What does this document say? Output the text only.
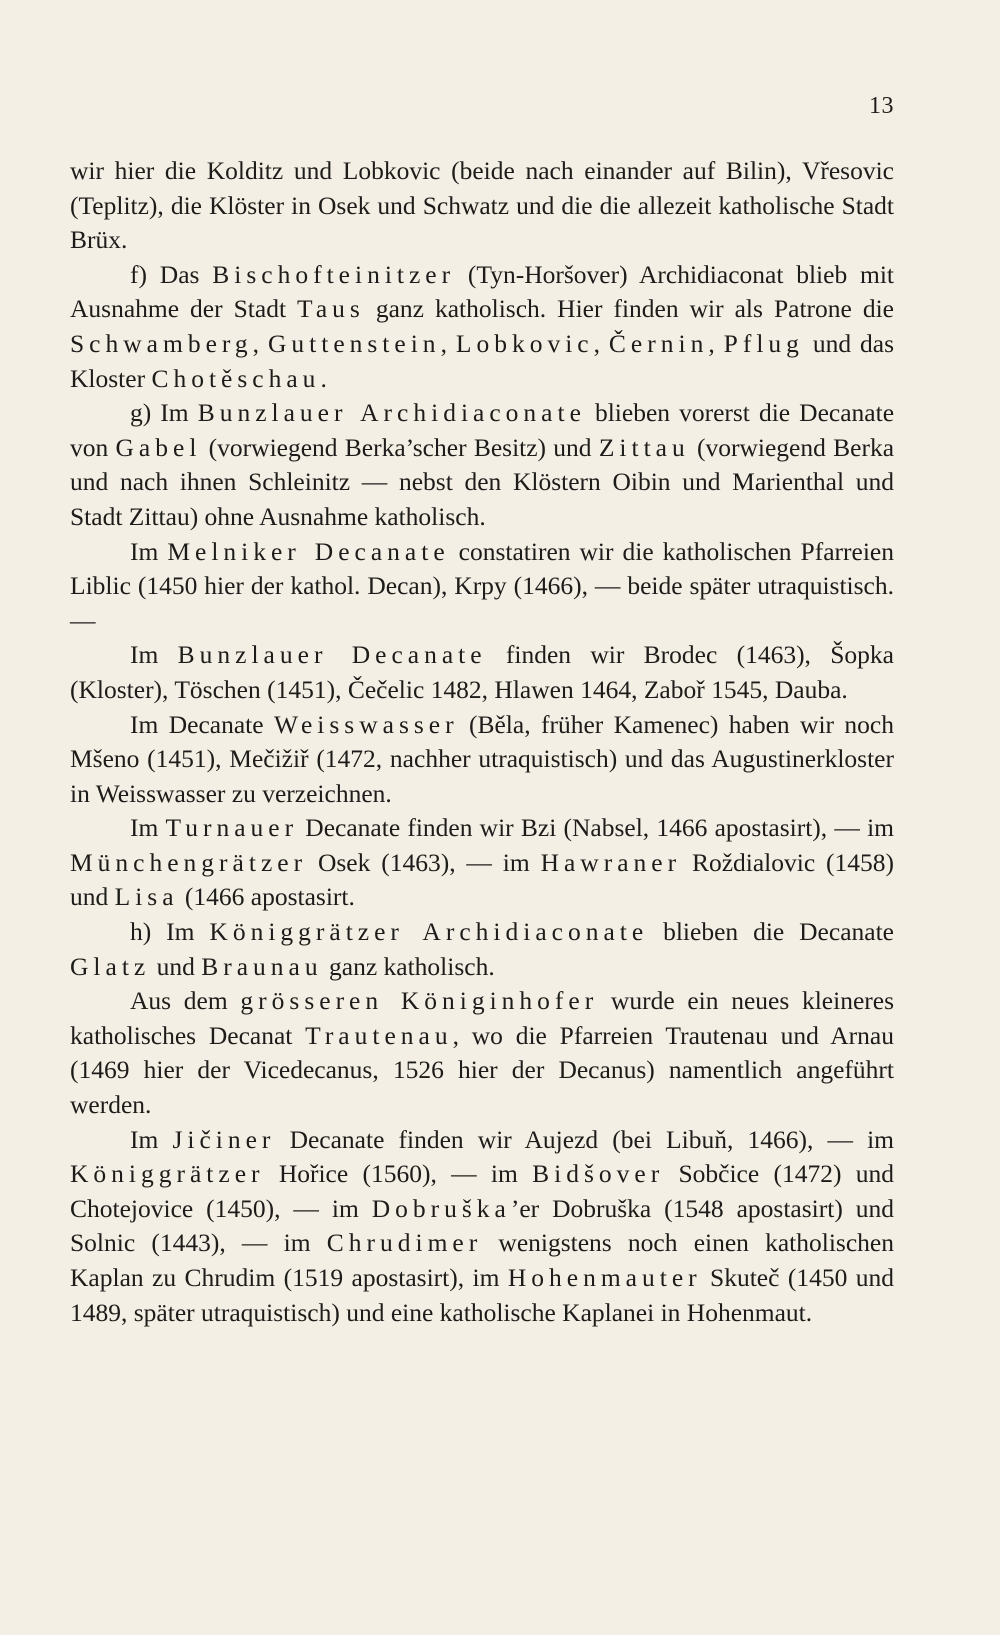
13

wir hier die Kolditz und Lobkovic (beide nach einander auf Bilin), Vřesovic (Teplitz), die Klöster in Osek und Schwatz und die die allezeit katholische Stadt Brüx.

f) Das Bischofteinitzer (Tyn-Horšover) Archidiaconat blieb mit Ausnahme der Stadt Taus ganz katholisch. Hier finden wir als Patrone die Schwamberg, Guttenstein, Lobkovic, Černin, Pflug und das Kloster Chotěschau.

g) Im Bunzlauer Archidiaconate blieben vorerst die Decanate von Gabel (vorwiegend Berka’scher Besitz) und Zittau (vorwiegend Berka und nach ihnen Schleinitz — nebst den Klöstern Oibin und Marienthal und Stadt Zittau) ohne Ausnahme katholisch.

Im Melniker Decanate constatiren wir die katholischen Pfarreien Liblic (1450 hier der kathol. Decan), Krpy (1466), — beide später utraquistisch. —

Im Bunzlauer Decanate finden wir Brodec (1463), Šopka (Kloster), Töschen (1451), Čečelic 1482, Hlawen 1464, Zaboř 1545, Dauba.

Im Decanate Weisswasser (Běla, früher Kamenec) haben wir noch Mšeno (1451), Mečižiř (1472, nachher utraquistisch) und das Augustinerkloster in Weisswasser zu verzeichnen.

Im Turnauer Decanate finden wir Bzi (Nabsel, 1466 apostasirt), — im Münchengrätzer Osek (1463), — im Hawraner Roždialovic (1458) und Lisa (1466 apostasirt.

h) Im Königgrätzer Archidiaconate blieben die Decanate Glatz und Braunau ganz katholisch.

Aus dem grösseren Königinhofer wurde ein neues kleineres katholisches Decanat Trautenau, wo die Pfarreien Trautenau und Arnau (1469 hier der Vicedecanus, 1526 hier der Decanus) namentlich angeführt werden.

Im Jičiner Decanate finden wir Aujezd (bei Libuň, 1466), — im Königgrätzer Hořice (1560), — im Bidšover Sobčice (1472) und Chotejovice (1450), — im Dobruška’er Dobruška (1548 apostasirt) und Solnic (1443), — im Chrudimer wenigstens noch einen katholischen Kaplan zu Chrudim (1519 apostasirt), im Hohenmauter Skuteč (1450 und 1489, später utraquistisch) und eine katholische Kaplanei in Hohenmaut.
